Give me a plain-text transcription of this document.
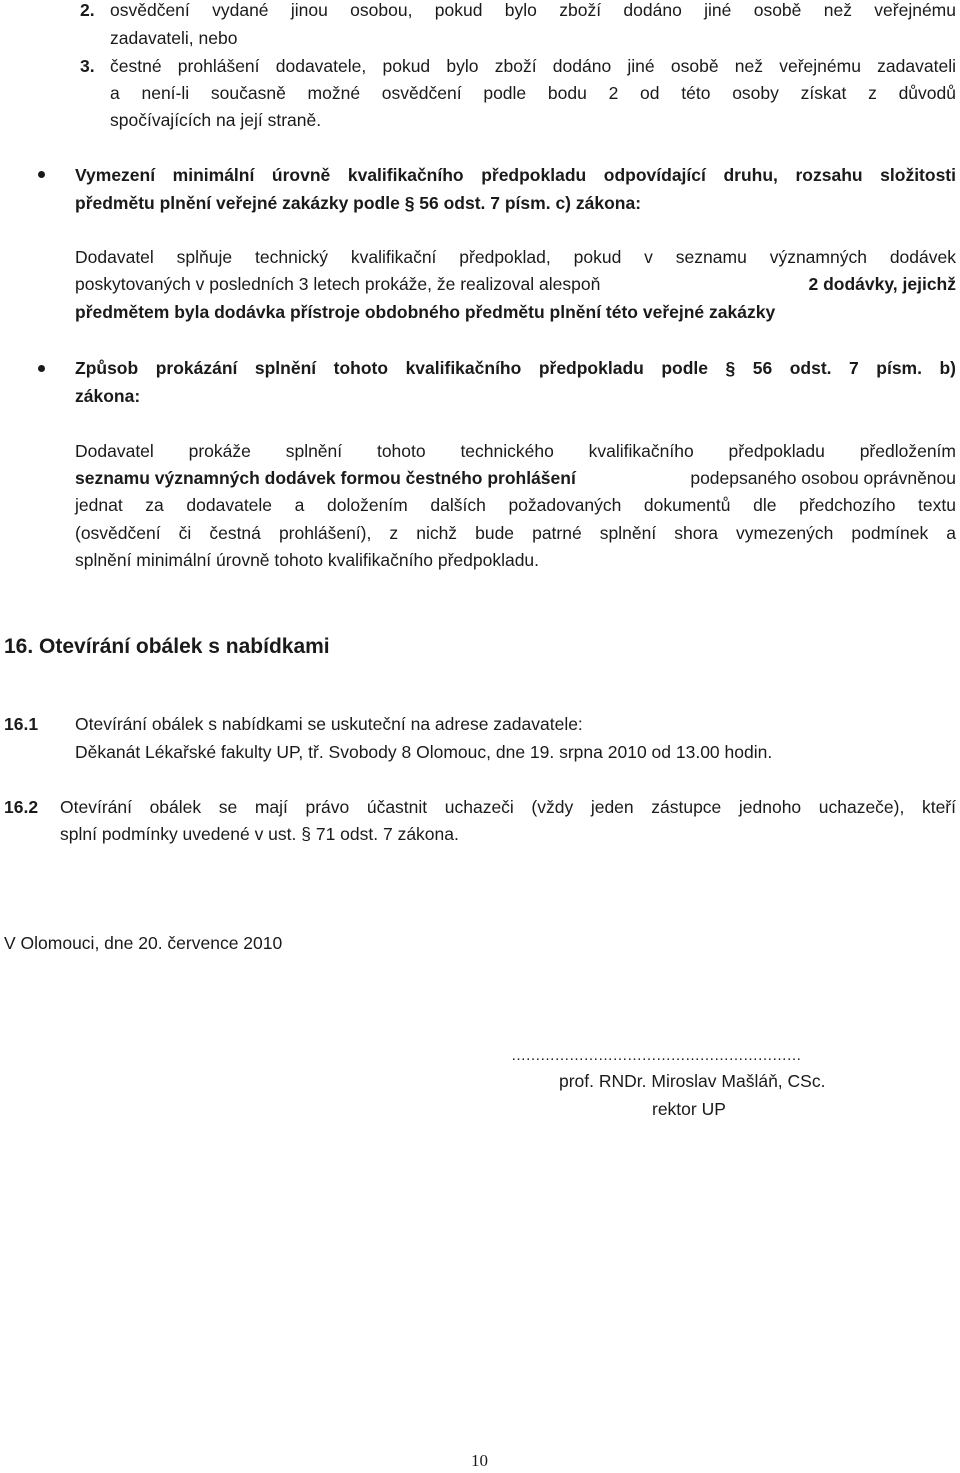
2. osvědčení vydané jinou osobou, pokud bylo zboží dodáno jiné osobě než veřejnému
zadavateli, nebo
3. čestné prohlášení dodavatele, pokud bylo zboží dodáno jiné osobě než veřejnému zadavateli
a není-li současně možné osvědčení podle bodu 2 od této osoby získat z důvodů
spočívajících na její straně.
Vymezení minimální úrovně kvalifikačního předpokladu odpovídající druhu, rozsahu složitosti
předmětu plnění veřejné zakázky podle § 56 odst. 7 písm. c) zákona:
Dodavatel splňuje technický kvalifikační předpoklad, pokud v seznamu významných dodávek
poskytovaných v posledních 3 letech prokáže, že realizoval alespoň	2 dodávky, jejichž
předmětem byla dodávka přístroje obdobného předmětu plnění této veřejné zakázky
Způsob prokázání splnění tohoto kvalifikačního předpokladu podle § 56 odst. 7 písm. b)
zákona:
Dodavatel prokáže splnění tohoto technického kvalifikačního předpokladu předložením
seznamu významných dodávek formou čestného prohlášení	podepsaného osobou oprávněnou
jednat za dodavatele a doložením dalších požadovaných dokumentů dle předchozího textu
(osvědčení či čestná prohlášení), z nichž bude patrné splnění shora vymezených podmínek a
splnění minimální úrovně tohoto kvalifikačního předpokladu.
16. Otevírání obálek s nabídkami
16.1 Otevírání obálek s nabídkami se uskuteční na adrese zadavatele:
Děkanát Lékařské fakulty UP, tř. Svobody 8 Olomouc, dne 19. srpna 2010 od 13.00 hodin.
16.2 Otevírání obálek se mají právo účastnit uchazeči (vždy jeden zástupce jednoho uchazeče), kteří
splní podmínky uvedené v ust. § 71 odst. 7 zákona.
V Olomouci, dne 20. července 2010
……………………………………………………
prof. RNDr. Miroslav Mašláň, CSc.
rektor UP
10
